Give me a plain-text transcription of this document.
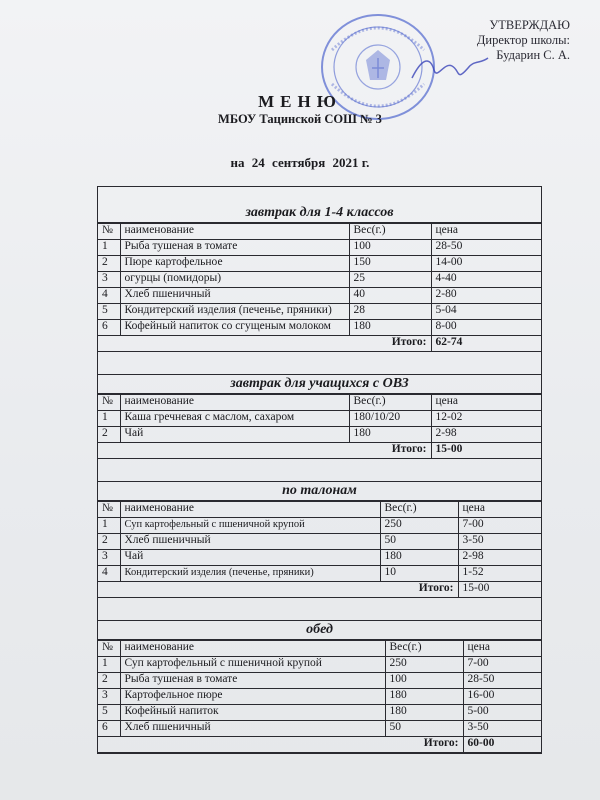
УТВЕРЖДАЮ
Директор школы:
Бударин С. А.
МЕНЮ
МБОУ Тацинской СОШ № 3
на 24 сентября 2021 г.
завтрак для 1-4 классов
№	наименование	Вес(г.)	цена
1	Рыба тушеная в томате	100	28-50
2	Пюре картофельное	150	14-00
3	огурцы (помидоры)	25	4-40
4	Хлеб пшеничный	40	2-80
5	Кондитерский изделия (печенье, пряники)	28	5-04
6	Кофейный напиток со сгущеным молоком	180	8-00
Итого:			62-74
завтрак для учащихся с ОВЗ
№	наименование	Вес(г.)	цена
1	Каша гречневая с маслом, сахаром	180/10/20	12-02
2	Чай	180	2-98
Итого:			15-00
по талонам
№	наименование	Вес(г.)	цена
1	Суп картофельный с пшеничной крупой	250	7-00
2	Хлеб пшеничный	50	3-50
3	Чай	180	2-98
4	Кондитерский изделия (печенье, пряники)	10	1-52
Итого:			15-00
обед
№	наименование	Вес(г.)	цена
1	Суп картофельный с пшеничной крупой	250	7-00
2	Рыба тушеная в томате	100	28-50
3	Картофельное пюре	180	16-00
5	Кофейный напиток	180	5-00
6	Хлеб пшеничный	50	3-50
Итого:			60-00
